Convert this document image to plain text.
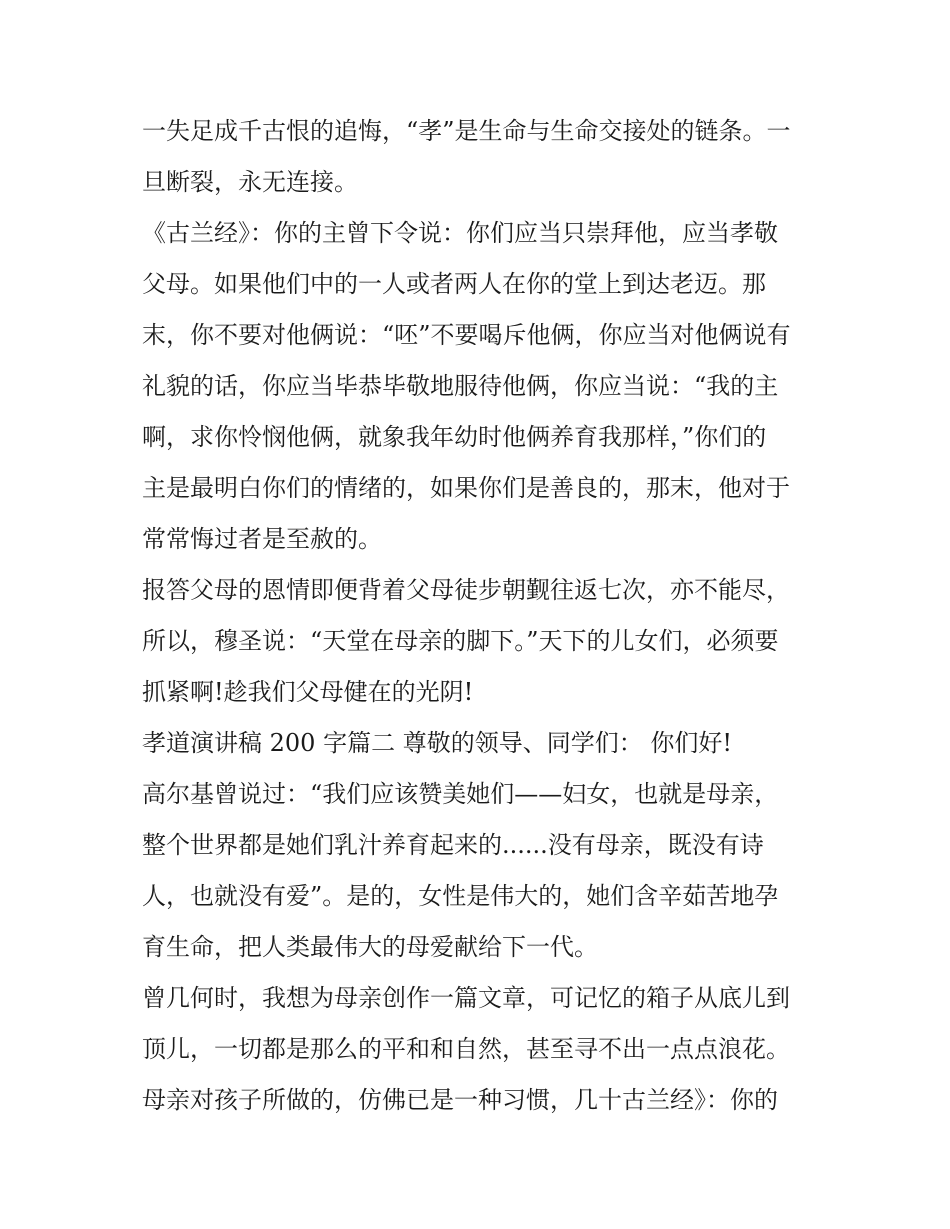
一失足成千古恨的追悔，“孝”是生命与生命交接处的链条。一
旦断裂，永无连接。
《古兰经》：你的主曾下令说：你们应当只崇拜他，应当孝敬
父母。如果他们中的一人或者两人在你的堂上到达老迈。那
末，你不要对他俩说：“呸”不要喝斥他俩，你应当对他俩说有
礼貌的话，你应当毕恭毕敬地服待他俩，你应当说：“我的主
啊，求你怜悯他俩，就象我年幼时他俩养育我那样，”你们的
主是最明白你们的情绪的，如果你们是善良的，那末，他对于
常常悔过者是至赦的。
报答父母的恩情即便背着父母徒步朝觐往返七次，亦不能尽，
所以，穆圣说：“天堂在母亲的脚下。”天下的儿女们，必须要
抓紧啊!趁我们父母健在的光阴!
孝道演讲稿 200 字篇二 尊敬的领导、同学们： 你们好!
高尔基曾说过：“我们应该赞美她们——妇女，也就是母亲，
整个世界都是她们乳汁养育起来的......没有母亲，既没有诗
人，也就没有爱”。是的，女性是伟大的，她们含辛茹苦地孕
育生命，把人类最伟大的母爱献给下一代。
曾几何时，我想为母亲创作一篇文章，可记忆的箱子从底儿到
顶儿，一切都是那么的平和和自然，甚至寻不出一点点浪花。
母亲对孩子所做的，仿佛已是一种习惯，几十古兰经》：你的
